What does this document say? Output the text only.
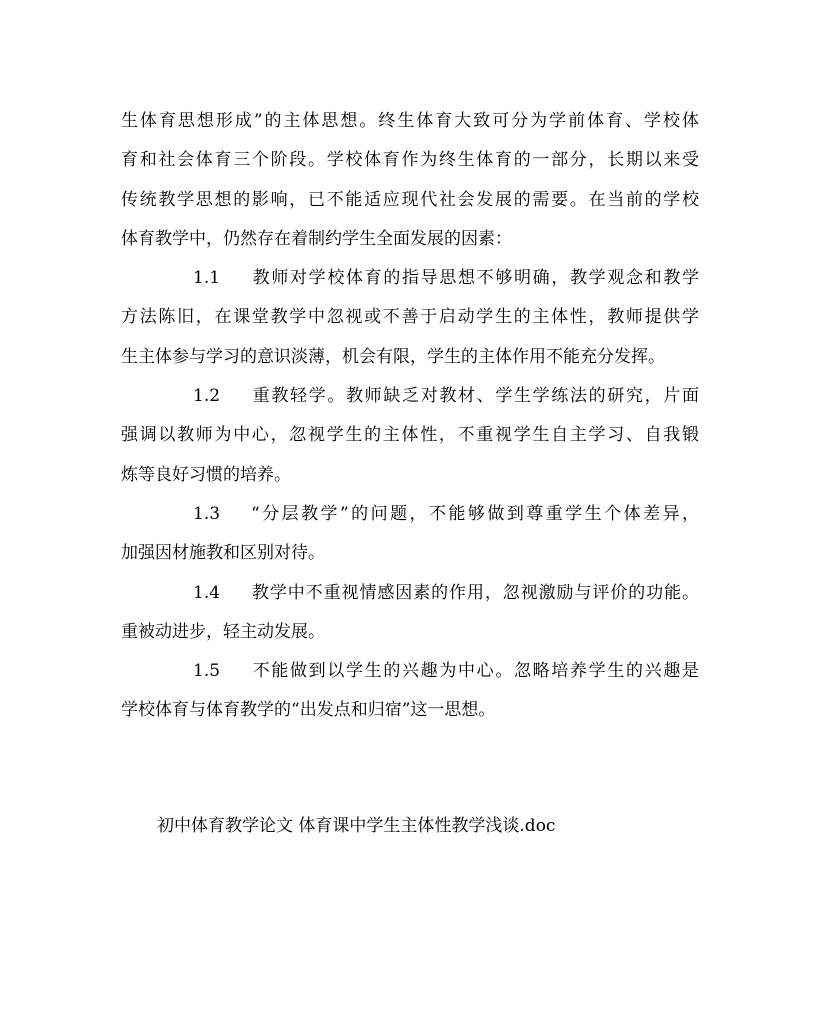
生体育思想形成”的主体思想。终生体育大致可分为学前体育、学校体
育和社会体育三个阶段。学校体育作为终生体育的一部分，长期以来受
传统教学思想的影响，已不能适应现代社会发展的需要。在当前的学校
体育教学中，仍然存在着制约学生全面发展的因素：
1.1 教师对学校体育的指导思想不够明确，教学观念和教学
方法陈旧，在课堂教学中忽视或不善于启动学生的主体性，教师提供学
生主体参与学习的意识淡薄，机会有限，学生的主体作用不能充分发挥。
1.2 重教轻学。教师缺乏对教材、学生学练法的研究，片面
强调以教师为中心，忽视学生的主体性，不重视学生自主学习、自我锻
炼等良好习惯的培养。
1.3 “分层教学”的问题，不能够做到尊重学生个体差异，
加强因材施教和区别对待。
1.4 教学中不重视情感因素的作用，忽视激励与评价的功能。
重被动进步，轻主动发展。
1.5 不能做到以学生的兴趣为中心。忽略培养学生的兴趣是
学校体育与体育教学的“出发点和归宿”这一思想。
初中体育教学论文 体育课中学生主体性教学浅谈.doc
